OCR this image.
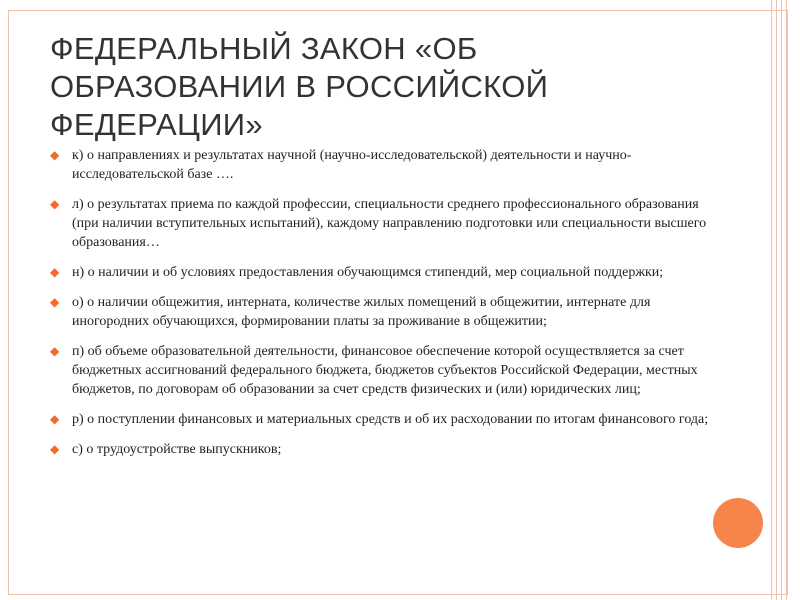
ФЕДЕРАЛЬНЫЙ ЗАКОН «ОБ ОБРАЗОВАНИИ В РОССИЙСКОЙ ФЕДЕРАЦИИ»
◆ к) о направлениях и результатах научной (научно-исследовательской) деятельности и научно-исследовательской базе ….
◆ л) о результатах приема по каждой профессии, специальности среднего профессионального образования (при наличии вступительных испытаний), каждому направлению подготовки или специальности высшего образования…
◆ н) о наличии и об условиях предоставления обучающимся стипендий, мер социальной поддержки;
◆ о) о наличии общежития, интерната, количестве жилых помещений в общежитии, интернате для иногородних обучающихся, формировании платы за проживание в общежитии;
◆ п) об объеме образовательной деятельности, финансовое обеспечение которой осуществляется за счет бюджетных ассигнований федерального бюджета, бюджетов субъектов Российской Федерации, местных бюджетов, по договорам об образовании за счет средств физических и (или) юридических лиц;
◆ р) о поступлении финансовых и материальных средств и об их расходовании по итогам финансового года;
◆ с) о трудоустройстве выпускников;
